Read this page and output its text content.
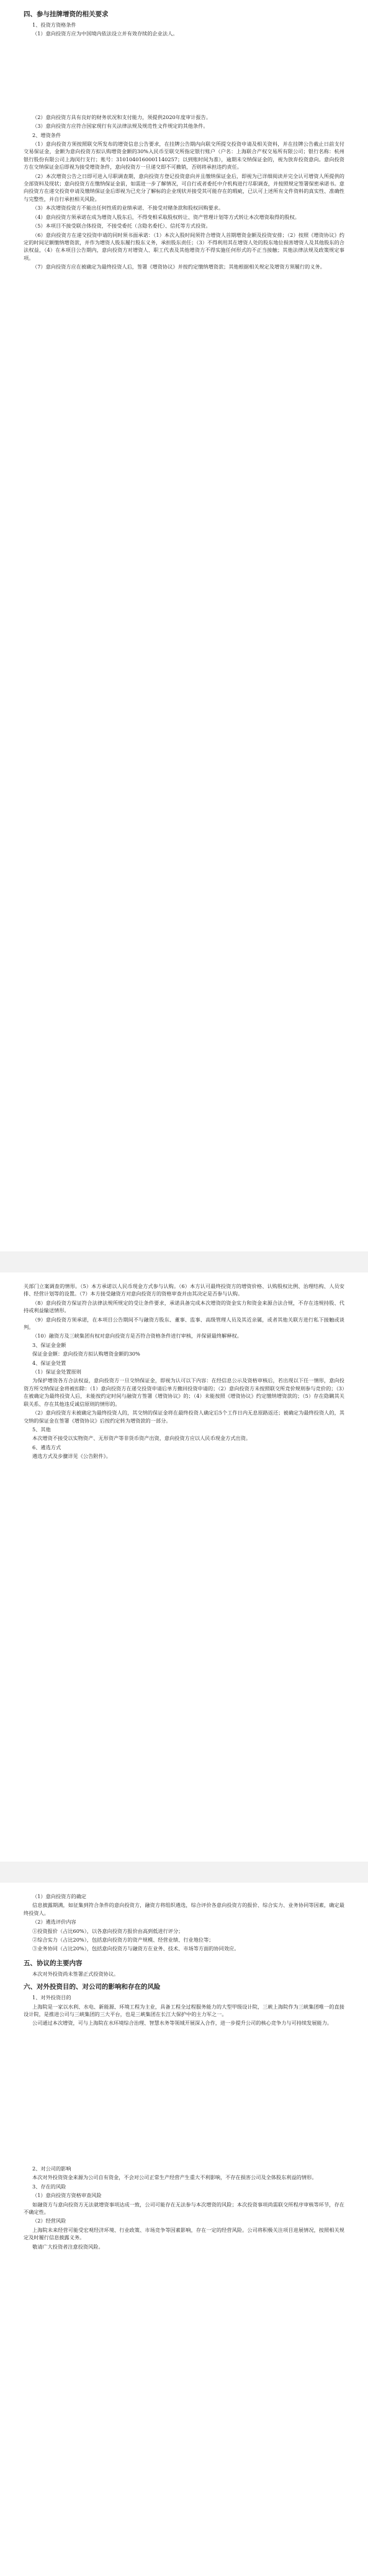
四、参与挂牌增资的相关要求

1、投资方资格条件

（1）意向投资方应为中国境内依法设立并有效存续的企业法人。

（2）意向投资方具有良好的财务状况和支付能力，须提供2020年度审计报告。

（3）意向投资方应符合国家现行有关法律法规及规范性文件规定的其他条件。

2、增资条件

（1）意向投资方须按照联交所发布的增资信息公告要求，在挂牌公告期内向联交所提交投资申请及相关资料，并在挂牌公告截止日前支付交易保证金，金额为意向投资方拟认购增资金额的30%入民币至联交所指定银行账户（户名：上海联合产权交易所有限公司；银行名称：杭州银行股份有限公司上海闵行支行；账号：3101040160001140257；以到账时间为准），逾期未交纳保证金的，视为放弃投资意向。意向投资方在交纳保证金后即视为接受增资条件，意向投资方一旦递交即不可撤销，否则将承担违约责任。

（2）本次增资公告之日即可进入尽职调查期，意向投资方登记投资意向并且缴纳保证金后，即视为已详细阅读并完全认可增资人所提供的全部资料及现状；意向投资方在缴纳保证金前，如需进一步了解情况，可自行或者委托中介机构进行尽职调查，并按照规定签署保密承诺书。意向投资方在递交投资申请及缴纳保证金后即视为已充分了解标的企业现状并接受其可能存在的瑕疵，已认可上述所有文件资料的真实性、准确性与完整性，并自行承担相关风险。

（3）本次增资投资方不能出任何性质的业绩承诺、不接受对赌条款和股权回购要求。

（4）意向投资方须承诺在成为增资人股东后，不得变相采取股权转让、资产管理计划等方式转让本次增资取得的股权。

（5）本项目不接受联合体投资，不接受委托（含隐名委托）、信托等方式投资。

（6）意向投资方在递交投资申请的同时须书面承诺：（1）本次入股时间须符合增资人首期增资金额及投资安排；（2）按照《增资协议》约定的时间足额缴纳增资款，并作为增资人股东履行股东义务，承担股东责任；（3）不得利用其在增资人处的股东地位损害增资人及其他股东的合法权益，（4）在本项目公告期内，意向投资方对增资人、职工代表及其他增资方不得实施任何形式的不正当接触；其他法律法规及政策规定事项。

（7）意向投资方应在被确定为最终投资人后，签署《增资协议》并按约定缴纳增资款；其他根据相关规定及增资方须履行的义务。

关部门立案调查的情形。（5）本方承诺以人民币现金方式参与认购。（6）本方认可最终投资方的增资价格、认购股权比例、治理结构、人员安排、经营计划等的设置。（7）本方接受融资方对意向投资方的资格审查并由其决定是否参与认购。

（8）意向投资方保证符合法律法规所规定的受让条件要求，承诺具备完成本次增资的资金实力和资金来源合法合规，不存在违规持股、代持或利益输送情形。

（9）意向投资方须承诺，在本项目公告期间不与融资方股东、董事、监事、高级管理人员及其近亲属，或者其他关联方进行私下接触或谈判。

（10）融资方及三峡集团有权对意向投资方是否符合资格条件进行审核，并保留最终解释权。

3、保证金金额

保证金金额：意向投资方拟认购增资金额的30%

4、保证金处置

（1）保证金处置原则

为保护增资各方合法权益，意向投资方一旦交纳保证金，即视为认可以下内容：在经信息公示及资格审核后，若出现以下任一情形，意向投资方所交纳保证金将被扣除：（1）意向投资方在递交投资申请后单方撤回投资申请的；（2）意向投资方未按照联交所竞价规则参与竞价的；（3）在被确定为最终投资人后，未能按约定时间与融资方签署《增资协议》的；（4）未能按照《增资协议》约定缴纳增资款的；（5）存在隐瞒其关联关系、存在其他违反诚信原则的情形的。

（2）意向投资方未被确定为最终投资人的，其交纳的保证金将在最终投资人确定后5个工作日内无息原路返还；被确定为最终投资人的，其交纳的保证金在签署《增资协议》后按约定转为增资款的一部分。

5、其他

本次增资不接受以实物资产、无形资产等非货币资产出资，意向投资方应以人民币现金方式出资。

6、遴选方式

遴选方式及步骤详见《公告附件》。

（1）意向投资方的确定

信息披露期满，如征集到符合条件的意向投资方，融资方将组织遴选，综合评价各意向投资方的报价、综合实力、业务协同等因素，确定最终投资人。

（2）遴选评价内容

①投资报价（占比60%），以各意向投资方报价由高到低进行评分；

②综合实力（占比20%），包括意向投资方的资产规模、经营业绩、行业地位等；

③业务协同（占比20%），包括意向投资方与融资方在业务、技术、市场等方面的协同效应。

五、协议的主要内容

本次对外投资尚未签署正式投资协议。

六、对外投资目的、对公司的影响和存在的风险

1、对外投资目的

上海院是一家以水利、水电、新能源、环境工程为主业，具备工程全过程服务能力的大型甲级设计院，三峡上海院作为三峡集团唯一的直接设计院，是推进公司与三峡集团的三大平台，也是三峡集团在长江大保护中的主力军之一。

公司通过本次增资，可与上海院在水环境综合治理、智慧水务等领域开展深入合作，进一步提升公司的核心竞争力与可持续发展能力。

2、对公司的影响

本次对外投资资金来源为公司自有资金，不会对公司正常生产经营产生重大不利影响，不存在损害公司及全体股东利益的情形。

3、存在的风险

（1）意向投资方资格审查风险

如融资方与意向投资方无法就增资事项达成一致，公司可能存在无法参与本次增资的风险；本次投资事项尚需联交所程序审核等环节，存在不确定性。

（2）经营风险

上海院未来经营可能受宏观经济环境、行业政策、市场竞争等因素影响，存在一定的经营风险。公司将积极关注项目进展情况，按照相关规定及时履行信息披露义务。

敬请广大投资者注意投资风险。
